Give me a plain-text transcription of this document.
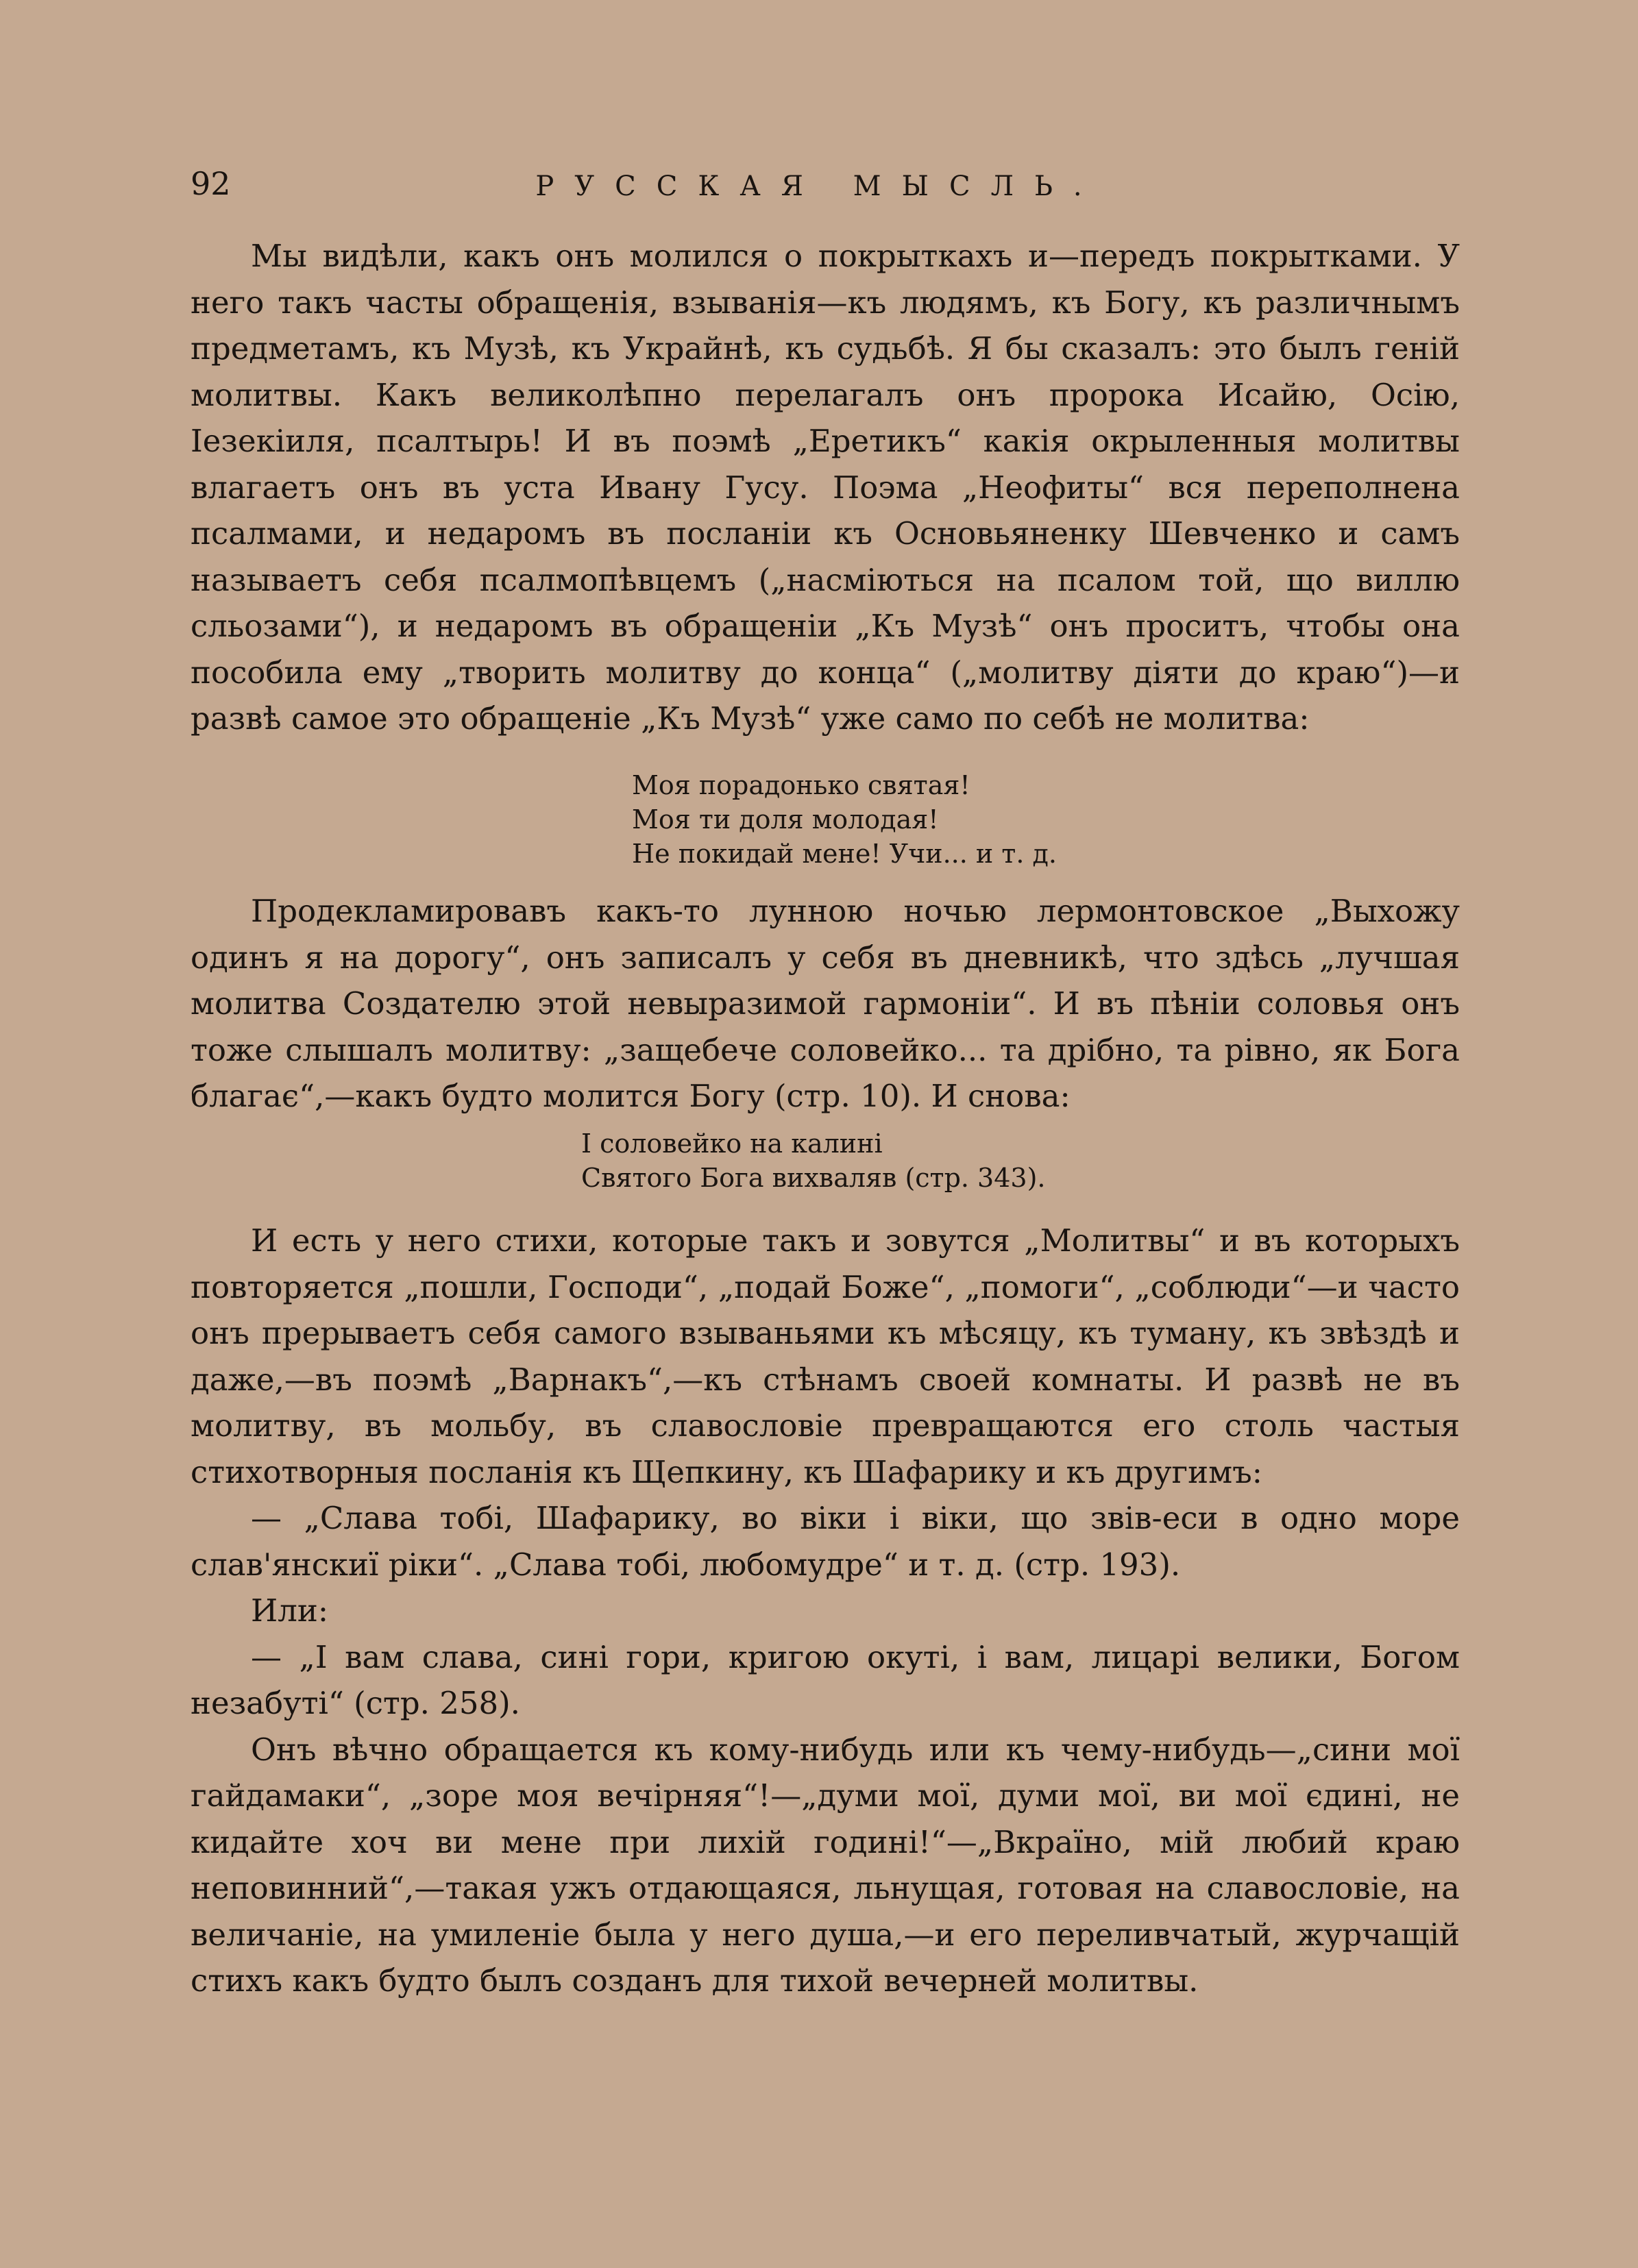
92	РУССКАЯ МЫСЛЬ.

Мы видѣли, какъ онъ молился о покрыткахъ и—передъ покрытками. У него такъ часты обращенія, взыванія—къ людямъ, къ Богу, къ различнымъ предметамъ, къ Музѣ, къ Украйнѣ, къ судьбѣ. Я бы сказалъ: это былъ геній молитвы. Какъ великолѣпно перелагалъ онъ пророка Исайю, Осію, Іезекіиля, псалтырь! И въ поэмѣ „Еретикъ“ какія окрыленныя молитвы влагаетъ онъ въ уста Ивану Гусу. Поэма „Неофиты“ вся переполнена псалмами, и недаромъ въ посланіи къ Основьяненку Шевченко и самъ называетъ себя псалмопѣвцемъ („насміються на псалом той, що виллю сльозами“), и недаромъ въ обращеніи „Къ Музѣ“ онъ проситъ, чтобы она пособила ему „творить молитву до конца“ („молитву діяти до краю“)—и развѣ самое это обращеніе „Къ Музѣ“ уже само по себѣ не молитва:

Моя порадонько святая!

Моя ти доля молодая!

Не покидай мене! Учи... и т. д.

Продекламировавъ какъ-то лунною ночью лермонтовское „Выхожу одинъ я на дорогу“, онъ записалъ у себя въ дневникѣ, что здѣсь „лучшая молитва Создателю этой невыразимой гармоніи“. И въ пѣніи соловья онъ тоже слышалъ молитву: „защебече соловейко... та дрібно, та рівно, як Бога благає“,—какъ будто молится Богу (стр. 10). И снова:

І соловейко на калині

Святого Бога вихваляв (стр. 343).

И есть у него стихи, которые такъ и зовутся „Молитвы“ и въ которыхъ повторяется „пошли, Господи“, „подай Боже“, „помоги“, „соблюди“—и часто онъ прерываетъ себя самого взываньями къ мѣсяцу, къ туману, къ звѣздѣ и даже,—въ поэмѣ „Варнакъ“,—къ стѣнамъ своей комнаты. И развѣ не въ молитву, въ мольбу, въ славословіе превращаются его столь частыя стихотворныя посланія къ Щепкину, къ Шафарику и къ другимъ:

— „Слава тобі, Шафарику, во віки і віки, що звів-еси в одно море слав'янскиї ріки“. „Слава тобі, любомудре“ и т. д. (стр. 193).

Или:

— „І вам слава, сині гори, кригою окуті, і вам, лицарі велики, Богом незабуті“ (стр. 258).

Онъ вѣчно обращается къ кому-нибудь или къ чему-нибудь—„сини мої гайдамаки“, „зоре моя вечірняя“!—„думи мої, думи мої, ви мої єдині, не кидайте хоч ви мене при лихій годині!“—„Вкраїно, мій любий краю неповинний“,—такая ужъ отдающаяся, льнущая, готовая на славословіе, на величаніе, на умиленіе была у него душа,—и его переливчатый, журчащій стихъ какъ будто былъ созданъ для тихой вечерней молитвы.
